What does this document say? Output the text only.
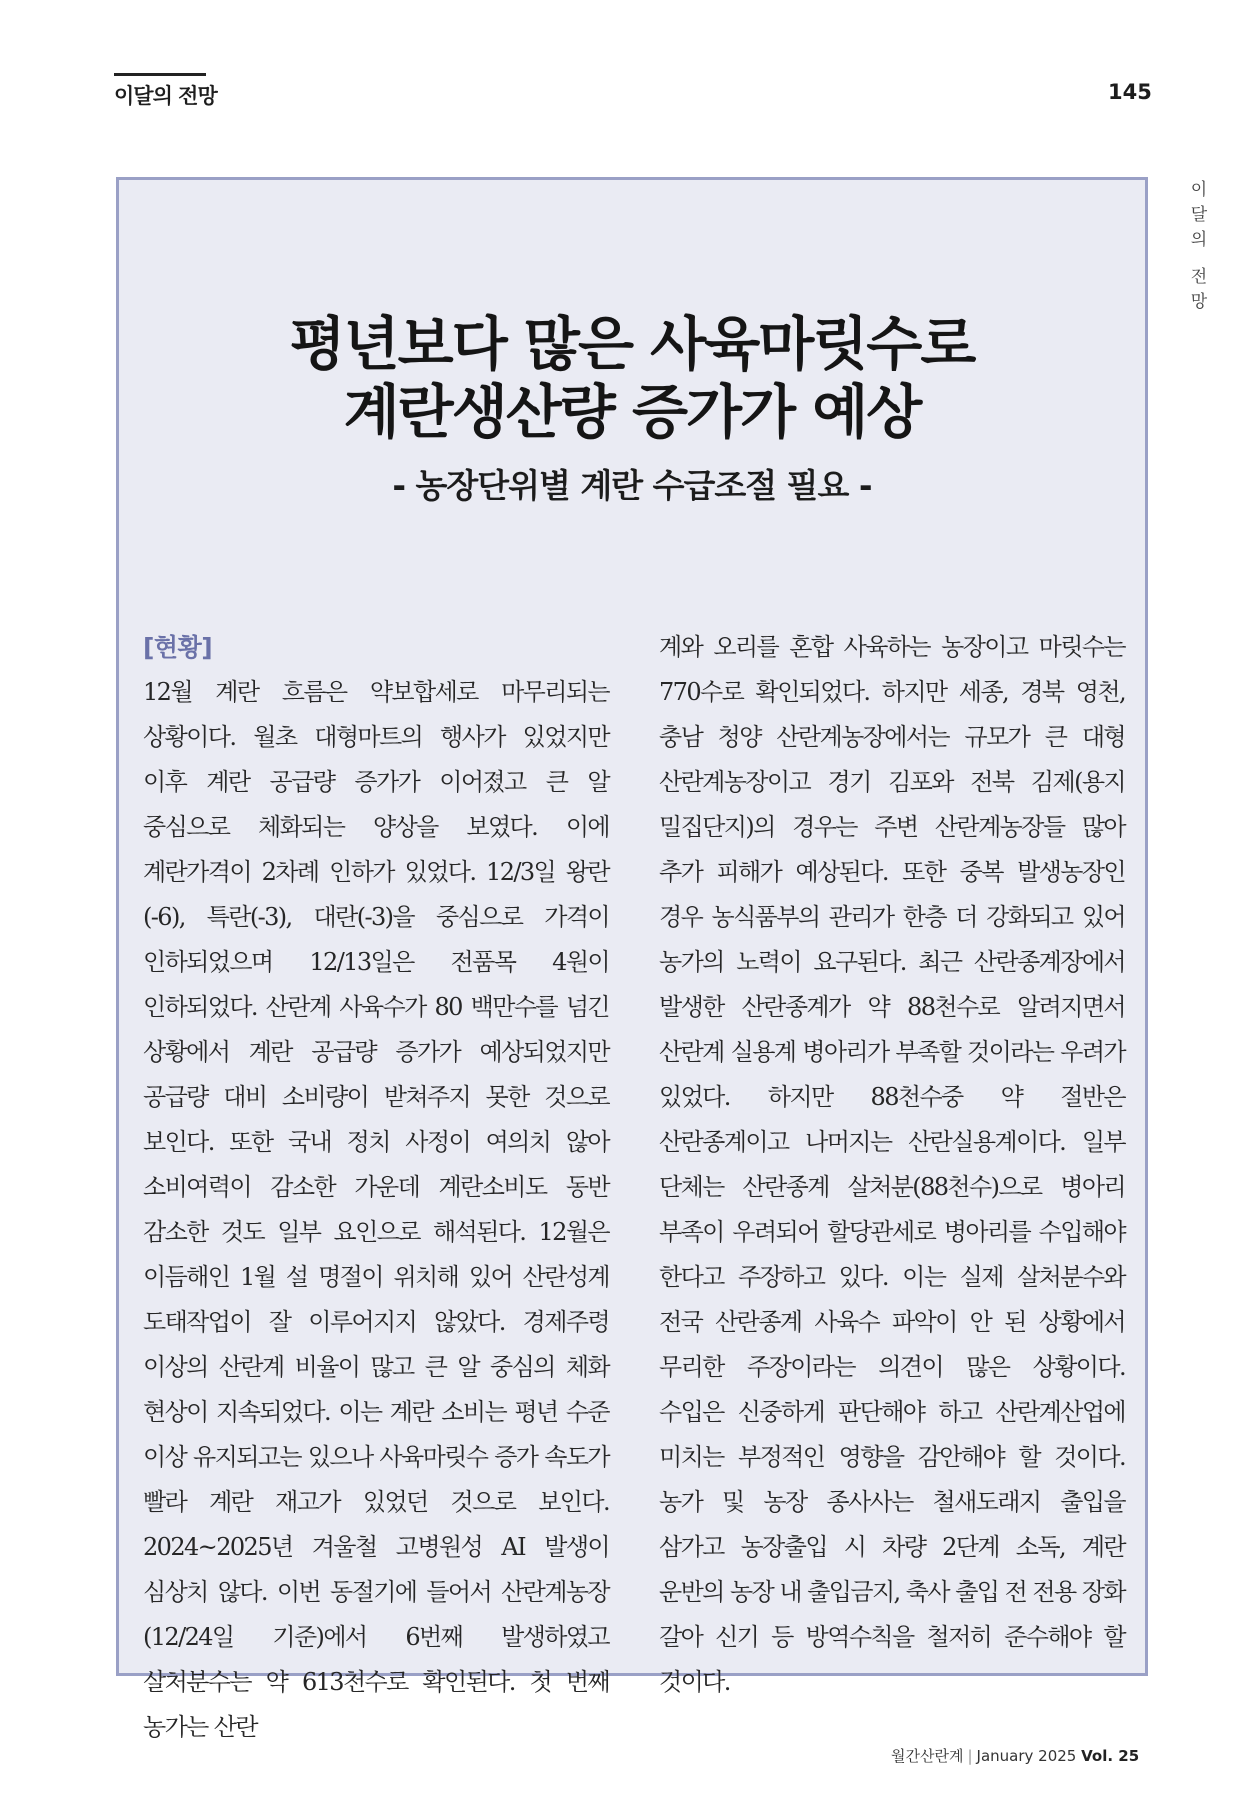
이달의 전망	145
이
달
의
전
망
평년보다 많은 사육마릿수로
계란생산량 증가가 예상
- 농장단위별 계란 수급조절 필요 -
[현황]

12월 계란 흐름은 약보합세로 마무리되는 상황이다. 월초 대형마트의 행사가 있었지만 이후 계란 공급량 증가가 이어졌고 큰 알 중심으로 체화되는 양상을 보였다. 이에 계란가격이 2차례 인하가 있었다. 12/3일 왕란(-6), 특란(-3), 대란(-3)을 중심으로 가격이 인하되었으며 12/13일은 전품목 4원이 인하되었다. 산란계 사육수가 80 백만수를 넘긴 상황에서 계란 공급량 증가가 예상되었지만 공급량 대비 소비량이 받쳐주지 못한 것으로 보인다. 또한 국내 정치 사정이 여의치 않아 소비여력이 감소한 가운데 계란소비도 동반 감소한 것도 일부 요인으로 해석된다. 12월은 이듬해인 1월 설 명절이 위치해 있어 산란성계 도태작업이 잘 이루어지지 않았다. 경제주령 이상의 산란계 비율이 많고 큰 알 중심의 체화 현상이 지속되었다. 이는 계란 소비는 평년 수준 이상 유지되고는 있으나 사육마릿수 증가 속도가 빨라 계란 재고가 있었던 것으로 보인다. 2024~2025년 겨울철 고병원성 AI 발생이 심상치 않다. 이번 동절기에 들어서 산란계농장(12/24일 기준)에서 6번째 발생하였고 살처분수는 약 613천수로 확인된다. 첫 번째 농가는 산란

계와 오리를 혼합 사육하는 농장이고 마릿수는 770수로 확인되었다. 하지만 세종, 경북 영천, 충남 청양 산란계농장에서는 규모가 큰 대형 산란계농장이고 경기 김포와 전북 김제(용지 밀집단지)의 경우는 주변 산란계농장들 많아 추가 피해가 예상된다. 또한 중복 발생농장인 경우 농식품부의 관리가 한층 더 강화되고 있어 농가의 노력이 요구된다. 최근 산란종계장에서 발생한 산란종계가 약 88천수로 알려지면서 산란계 실용계 병아리가 부족할 것이라는 우려가 있었다. 하지만 88천수중 약 절반은 산란종계이고 나머지는 산란실용계이다. 일부 단체는 산란종계 살처분(88천수)으로 병아리 부족이 우려되어 할당관세로 병아리를 수입해야 한다고 주장하고 있다. 이는 실제 살처분수와 전국 산란종계 사육수 파악이 안 된 상황에서 무리한 주장이라는 의견이 많은 상황이다. 수입은 신중하게 판단해야 하고 산란계산업에 미치는 부정적인 영향을 감안해야 할 것이다. 농가 및 농장 종사사는 철새도래지 출입을 삼가고 농장출입 시 차량 2단계 소독, 계란 운반의 농장 내 출입금지, 축사 출입 전 전용 장화 갈아 신기 등 방역수칙을 철저히 준수해야 할 것이다.

월간산란계 | January 2025 Vol. 25
